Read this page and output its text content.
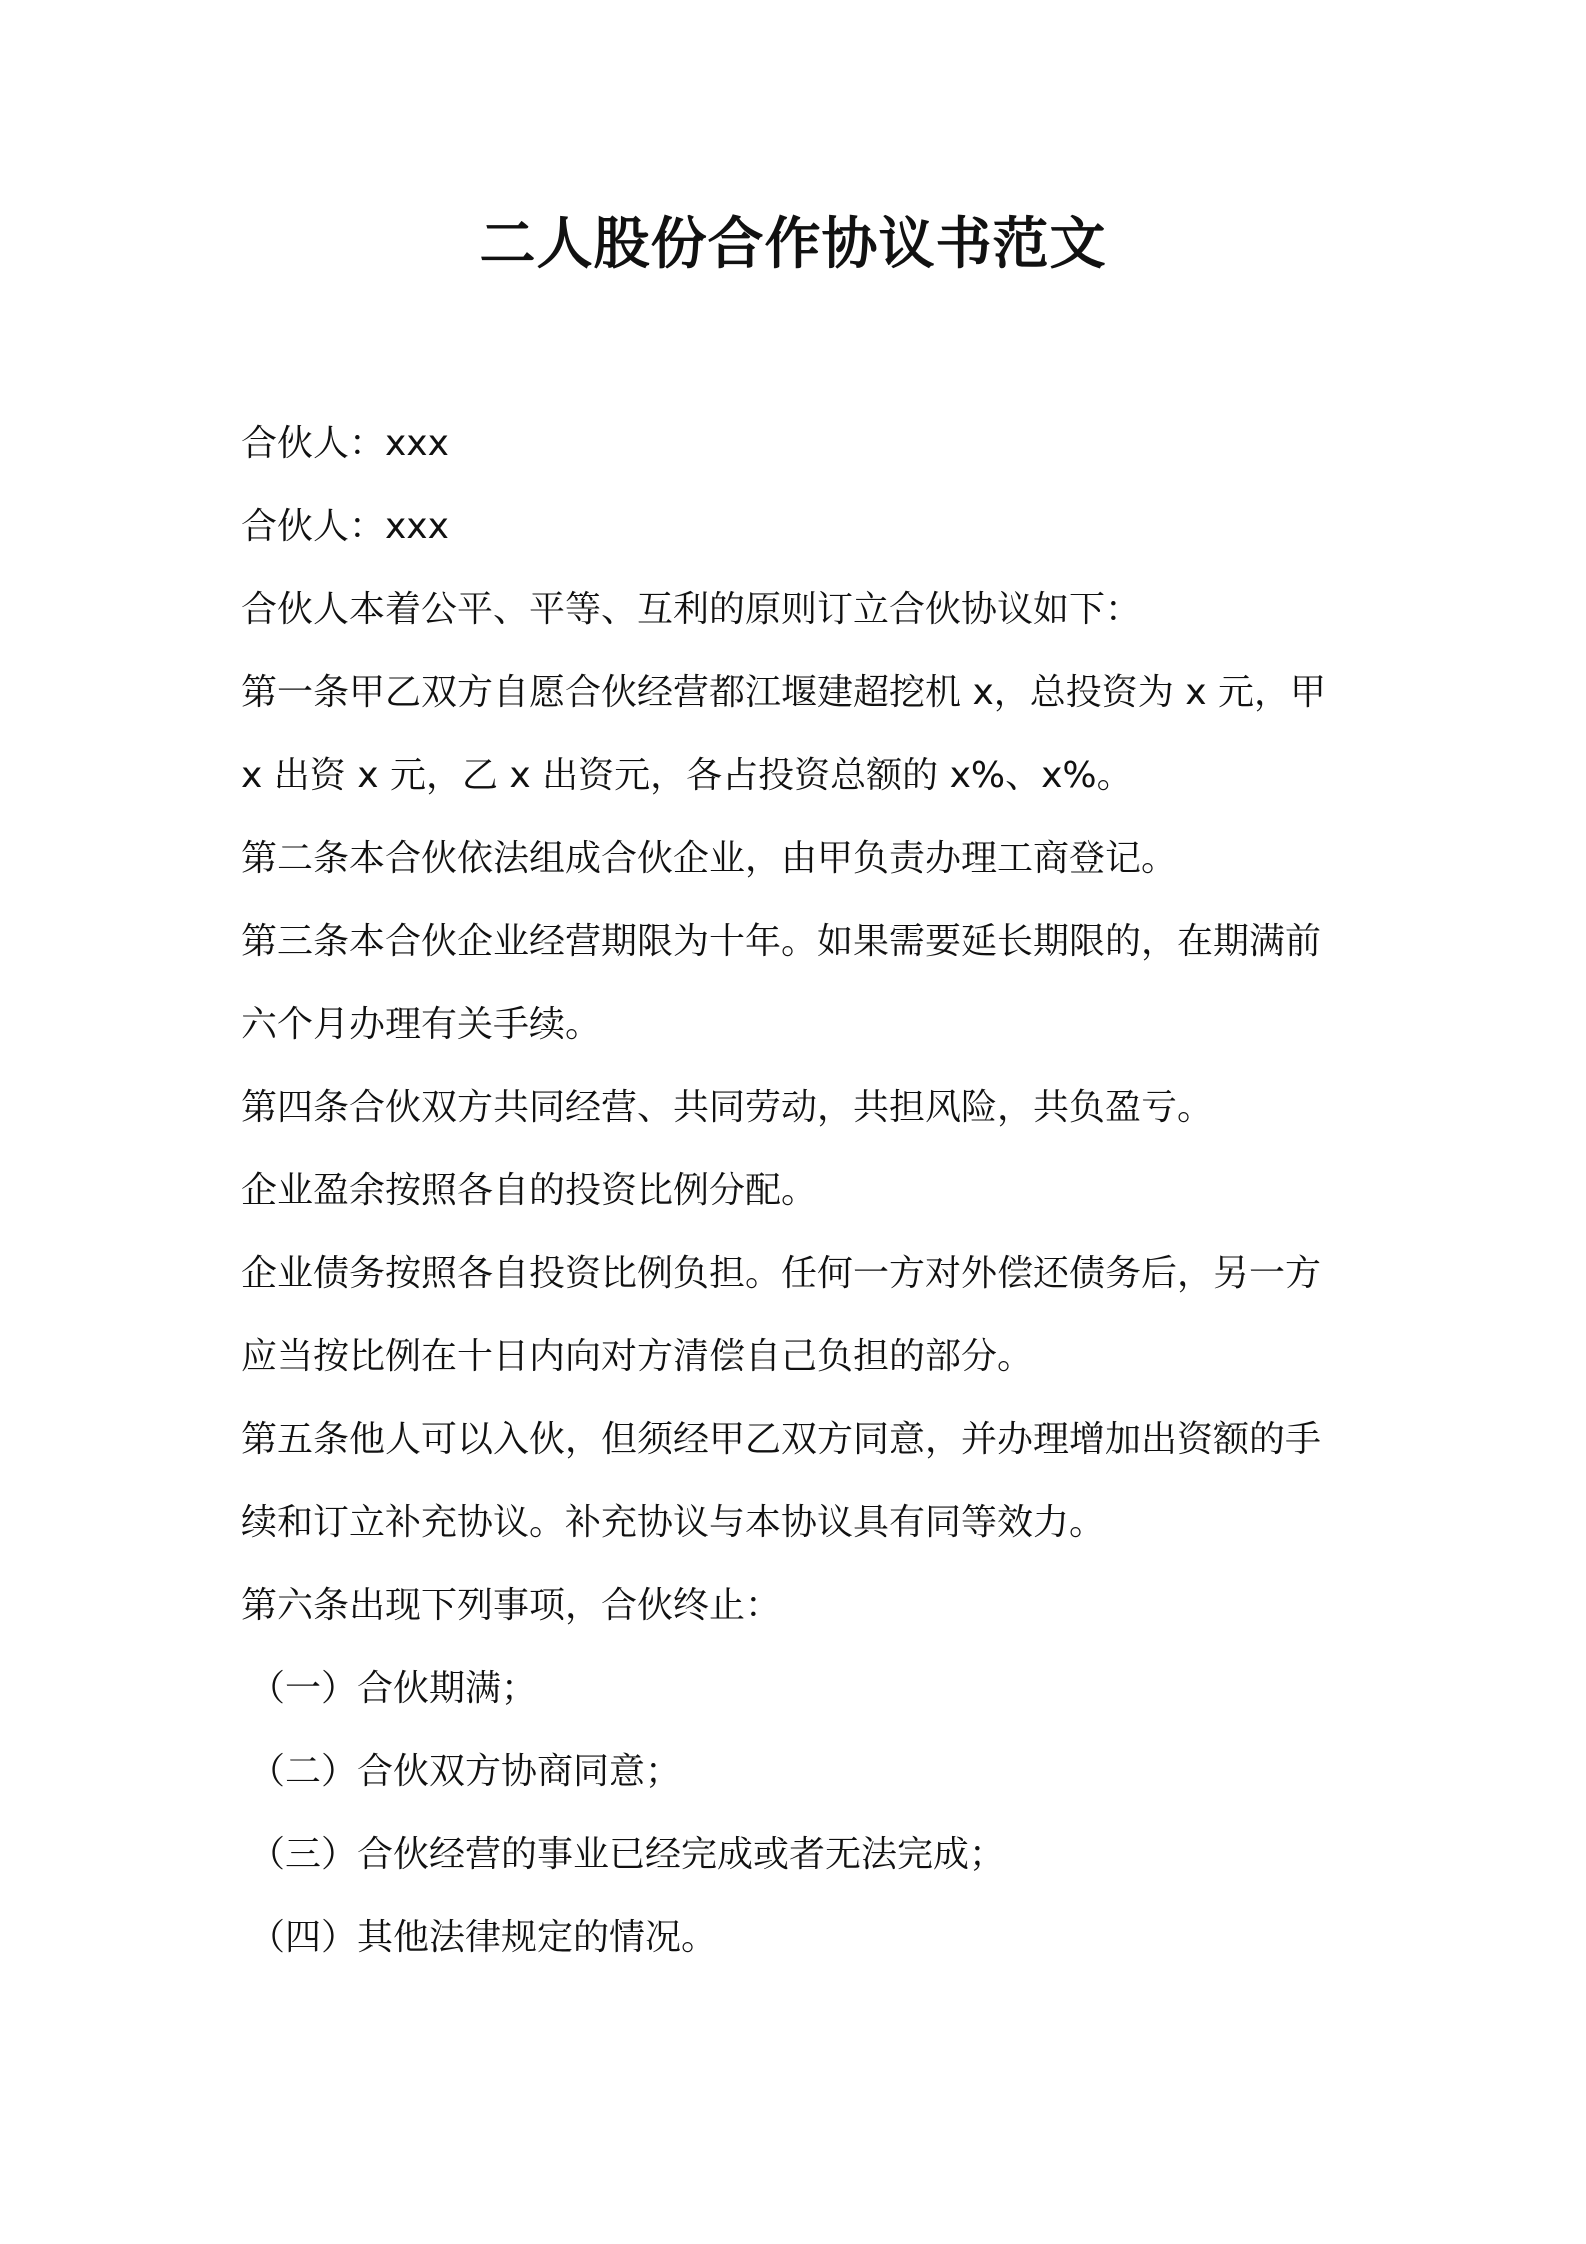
二人股份合作协议书范文
合伙人：xxx
合伙人：xxx
合伙人本着公平、平等、互利的原则订立合伙协议如下：
第一条甲乙双方自愿合伙经营都江堰建超挖机 x，总投资为 x 元，甲
x 出资 x 元，乙 x 出资元，各占投资总额的 x%、x%。
第二条本合伙依法组成合伙企业，由甲负责办理工商登记。
第三条本合伙企业经营期限为十年。如果需要延长期限的，在期满前
六个月办理有关手续。
第四条合伙双方共同经营、共同劳动，共担风险，共负盈亏。
企业盈余按照各自的投资比例分配。
企业债务按照各自投资比例负担。任何一方对外偿还债务后，另一方
应当按比例在十日内向对方清偿自己负担的部分。
第五条他人可以入伙，但须经甲乙双方同意，并办理增加出资额的手
续和订立补充协议。补充协议与本协议具有同等效力。
第六条出现下列事项，合伙终止：
（一）合伙期满；
（二）合伙双方协商同意；
（三）合伙经营的事业已经完成或者无法完成；
（四）其他法律规定的情况。
